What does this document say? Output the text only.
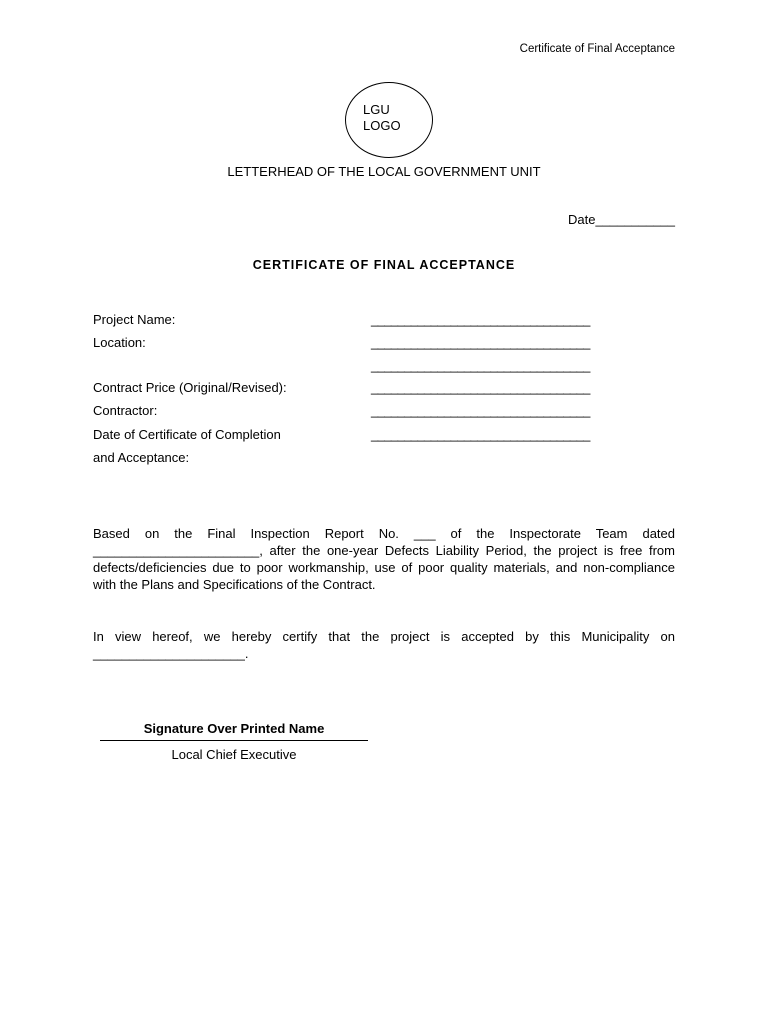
Certificate of Final Acceptance
LGU
LOGO
LETTERHEAD OF THE LOCAL GOVERNMENT UNIT
Date___________
CERTIFICATE OF FINAL ACCEPTANCE
Project Name:	_________________________________
Location:	_________________________________
_________________________________
Contract Price (Original/Revised):	_________________________________
Contractor:	_________________________________
Date of Certificate of Completion	_________________________________
and Acceptance:

Based on the Final Inspection Report No. ___ of the Inspectorate Team dated _______________________, after the one-year Defects Liability Period, the project is free from defects/deficiencies due to poor workmanship, use of poor quality materials, and non-compliance with the Plans and Specifications of the Contract.

In view hereof, we hereby certify that the project is accepted by this Municipality on _____________________.

Signature Over Printed Name
Local Chief Executive
